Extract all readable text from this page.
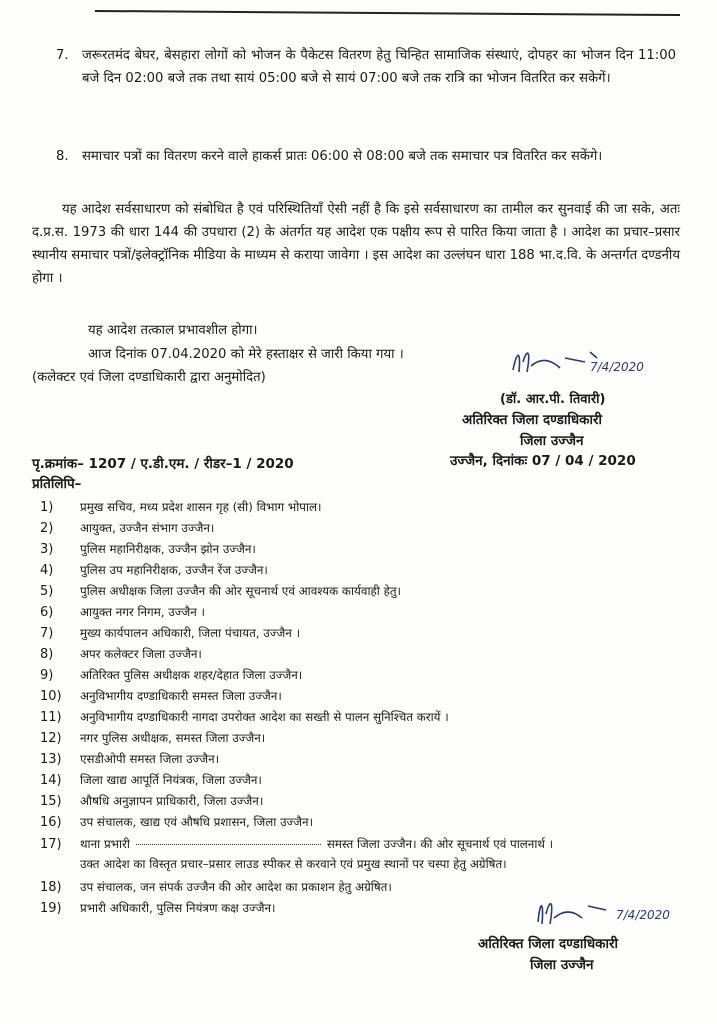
7.	जरूरतमंद बेघर, बेसहारा लोगों को भोजन के पैकेटस वितरण हेतु चिन्हित सामाजिक संस्थाएं, दोपहर का भोजन दिन 11:00 बजे दिन 02:00 बजे तक तथा सायं 05:00 बजे से सायं 07:00 बजे तक रात्रि का भोजन वितरित कर सकेगें।
8.	समाचार पत्रों का वितरण करने वाले हाकर्स प्रातः 06:00 से 08:00 बजे तक समाचार पत्र वितरित कर सकेंगे।
यह आदेश सर्वसाधारण को संबोधित है एवं परिस्थितियॉं ऐसी नहीं है कि इसे सर्वसाधारण का तामील कर सुनवाई की जा सके, अतः द.प्र.स. 1973 की धारा 144 की उपधारा (2) के अंतर्गत यह आदेश एक पक्षीय रूप से पारित किया जाता है । आदेश का प्रचार–प्रसार स्थानीय समाचार पत्रों/इलेक्ट्रॉनिक मीडिया के माध्यम से कराया जावेगा । इस आदेश का उल्लंघन धारा 188 भा.द.वि. के अन्तर्गत दण्डनीय होगा ।
यह आदेश तत्काल प्रभावशील होगा।
आज दिनांक 07.04.2020 को मेरे हस्ताक्षर से जारी किया गया ।
(कलेक्टर एवं जिला दण्डाधिकारी द्वारा अनुमोदित)
7/4/2020
(डॉ. आर.पी. तिवारी)
अतिरिक्त जिला दण्डाधिकारी
जिला उज्जैन
पृ.क्रमांक– 1207 / ए.डी.एम. / रीडर–1 / 2020	उज्जैन, दिनांकः 07 / 04 / 2020
प्रतिलिपि–
1) प्रमुख सचिव, मध्य प्रदेश शासन गृह (सी) विभाग भोपाल।
2) आयुक्त, उज्जैन संभाग उज्जैन।
3) पुलिस महानिरीक्षक, उज्जैन झोन उज्जैन।
4) पुलिस उप महानिरीक्षक, उज्जैन रेंज उज्जैन।
5) पुलिस अधीक्षक जिला उज्जैन की ओर सूचनार्थ एवं आवश्यक कार्यवाही हेतु।
6) आयुक्त नगर निगम, उज्जैन ।
7) मुख्य कार्यपालन अधिकारी, जिला पंचायत, उज्जैन ।
8) अपर कलेक्टर जिला उज्जैन।
9) अतिरिक्त पुलिस अधीक्षक शहर/देहात जिला उज्जैन।
10) अनुविभागीय दण्डाधिकारी समस्त जिला उज्जैन।
11) अनुविभागीय दण्डाधिकारी नागदा उपरोक्त आदेश का सख्ती से पालन सुनिश्चित करायें ।
12) नगर पुलिस अधीक्षक, समस्त जिला उज्जैन।
13) एसडीओपी समस्त जिला उज्जैन।
14) जिला खाद्य आपूर्ति नियंत्रक, जिला उज्जैन।
15) औषधि अनुज्ञापन प्राधिकारी, जिला उज्जैन।
16) उप संचालक, खाद्य एवं औषधि प्रशासन, जिला उज्जैन।
17) थाना प्रभारी	समस्त जिला उज्जैन। की ओर सूचनार्थ एवं पालनार्थ ।
उक्त आदेश का विस्तृत प्रचार–प्रसार लाउड स्पीकर से करवाने एवं प्रमुख स्थानों पर चस्पा हेतु अग्रेषित।
18) उप संचालक, जन संपर्क उज्जैन की ओर आदेश का प्रकाशन हेतु अग्रेषित।
19) प्रभारी अधिकारी, पुलिस नियंत्रण कक्ष उज्जैन।	7/4/2020
अतिरिक्त जिला दण्डाधिकारी
जिला उज्जैन
